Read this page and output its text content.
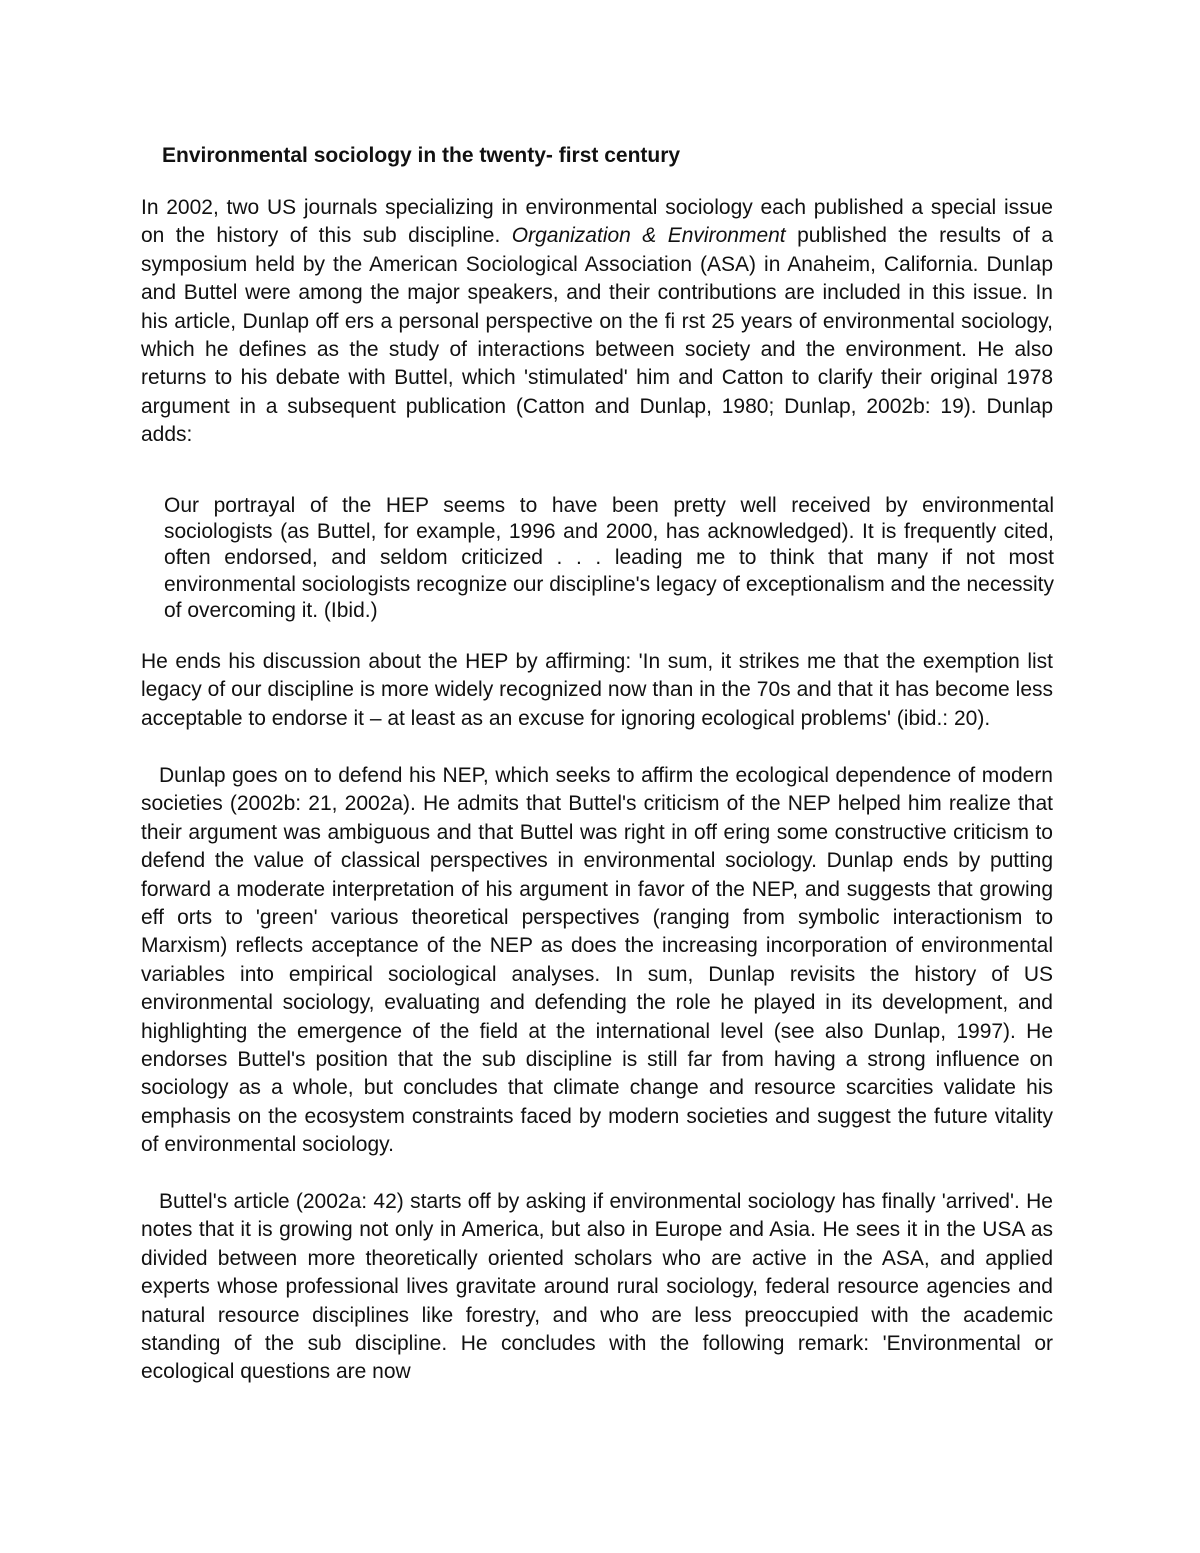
Environmental sociology in the twenty- first century

In 2002, two US journals specializing in environmental sociology each published a special issue on the history of this sub discipline. Organization & Environment published the results of a symposium held by the American Sociological Association (ASA) in Anaheim, California. Dunlap and Buttel were among the major speakers, and their contributions are included in this issue. In his article, Dunlap off ers a personal perspective on the fi rst 25 years of environmental sociology, which he defines as the study of interactions between society and the environment. He also returns to his debate with Buttel, which 'stimulated' him and Catton to clarify their original 1978 argument in a subsequent publication (Catton and Dunlap, 1980; Dunlap, 2002b: 19). Dunlap adds:

Our portrayal of the HEP seems to have been pretty well received by environmental sociologists (as Buttel, for example, 1996 and 2000, has acknowledged). It is frequently cited, often endorsed, and seldom criticized . . . leading me to think that many if not most environmental sociologists recognize our discipline's legacy of exceptionalism and the necessity of overcoming it. (Ibid.)

He ends his discussion about the HEP by affirming: 'In sum, it strikes me that the exemption list legacy of our discipline is more widely recognized now than in the 70s and that it has become less acceptable to endorse it – at least as an excuse for ignoring ecological problems' (ibid.: 20).

Dunlap goes on to defend his NEP, which seeks to affirm the ecological dependence of modern societies (2002b: 21, 2002a). He admits that Buttel's criticism of the NEP helped him realize that their argument was ambiguous and that Buttel was right in off ering some constructive criticism to defend the value of classical perspectives in environmental sociology. Dunlap ends by putting forward a moderate interpretation of his argument in favor of the NEP, and suggests that growing eff orts to 'green' various theoretical perspectives (ranging from symbolic interactionism to Marxism) reflects acceptance of the NEP as does the increasing incorporation of environmental variables into empirical sociological analyses. In sum, Dunlap revisits the history of US environmental sociology, evaluating and defending the role he played in its development, and highlighting the emergence of the field at the international level (see also Dunlap, 1997). He endorses Buttel's position that the sub discipline is still far from having a strong influence on sociology as a whole, but concludes that climate change and resource scarcities validate his emphasis on the ecosystem constraints faced by modern societies and suggest the future vitality of environmental sociology.

Buttel's article (2002a: 42) starts off by asking if environmental sociology has finally 'arrived'. He notes that it is growing not only in America, but also in Europe and Asia. He sees it in the USA as divided between more theoretically oriented scholars who are active in the ASA, and applied experts whose professional lives gravitate around rural sociology, federal resource agencies and natural resource disciplines like forestry, and who are less preoccupied with the academic standing of the sub discipline. He concludes with the following remark: 'Environmental or ecological questions are now
